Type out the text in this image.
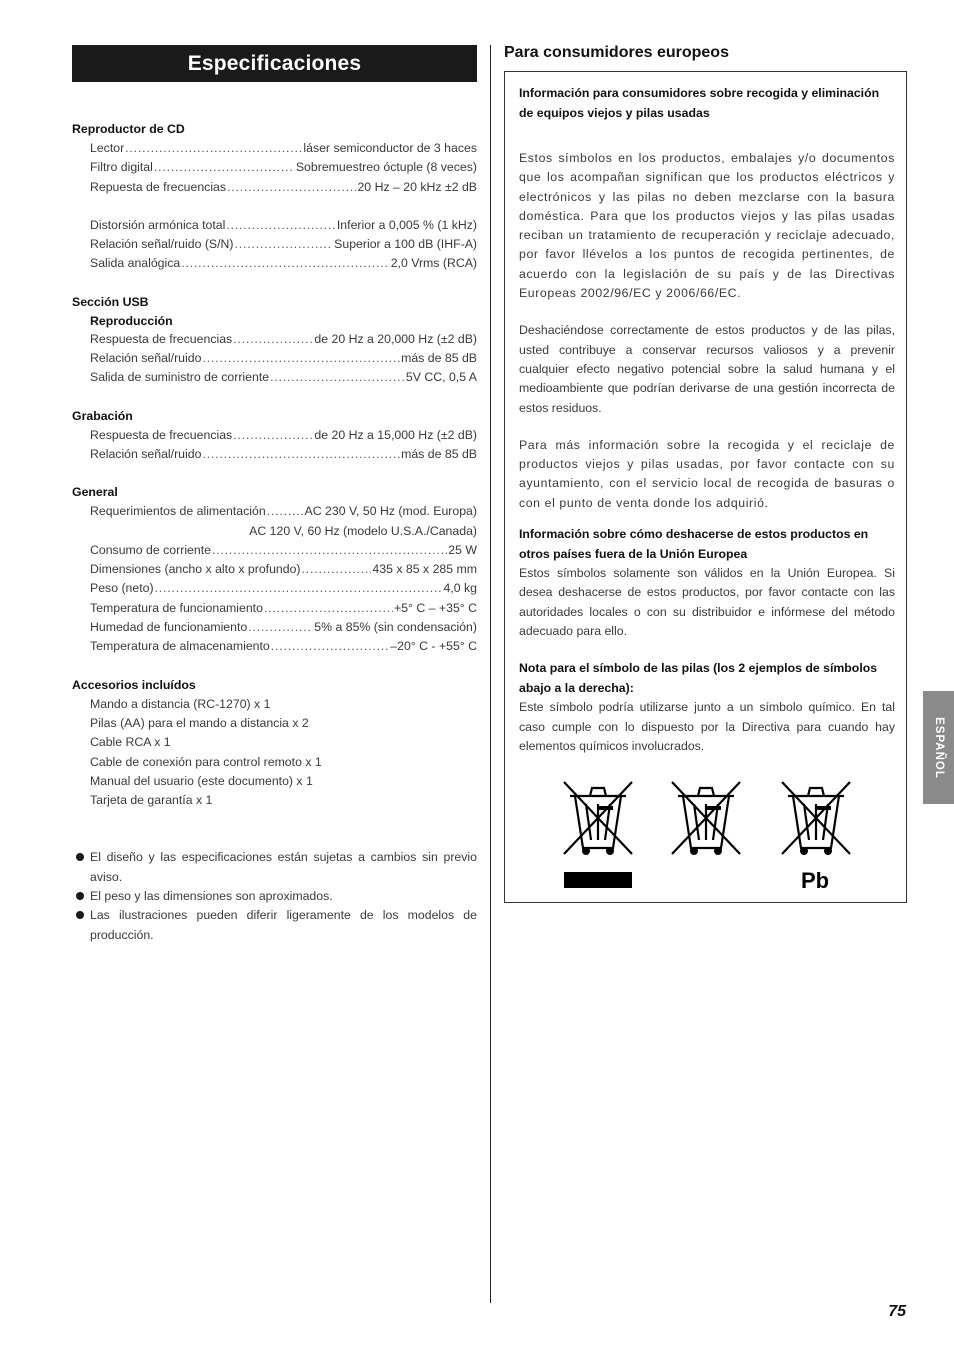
Especificaciones
Reproductor de CD
Lector . . .	láser semiconductor de 3 haces
Filtro digital . . .	Sobremuestreo óctuple (8 veces)
Repuesta de frecuencias . . .	20 Hz – 20 kHz ±2 dB
Distorsión armónica total . . .	Inferior a 0,005 % (1 kHz)
Relación señal/ruido (S/N) . . .	Superior a 100 dB (IHF-A)
Salida analógica . . .	2,0 Vrms (RCA)
Sección USB
Reproducción
Respuesta de frecuencias . . .	de 20 Hz a 20,000 Hz (±2 dB)
Relación señal/ruido . . .	más de 85 dB
Salida de suministro de corriente . . .	5V CC, 0,5 A
Grabación
Respuesta de frecuencias . . .	de 20 Hz a 15,000 Hz (±2 dB)
Relación señal/ruido . . .	más de 85 dB
General
Requerimientos de alimentación . . .	AC 230 V, 50 Hz (mod. Europa)
AC 120 V, 60 Hz (modelo U.S.A./Canada)
Consumo de corriente . . .	25 W
Dimensiones (ancho x alto x profundo) . . .	435 x 85 x 285 mm
Peso (neto) . . .	4,0 kg
Temperatura de funcionamiento . . .	+5° C – +35° C
Humedad de funcionamiento . . .	5% a 85% (sin condensación)
Temperatura de almacenamiento . . .	–20° C - +55° C
Accesorios incluídos
Mando a distancia (RC-1270) x 1
Pilas (AA) para el mando a distancia x 2
Cable RCA x 1
Cable de conexión para control remoto x 1
Manual del usuario (este documento) x 1
Tarjeta de garantía x 1
El diseño y las especificaciones están sujetas a cambios sin previo aviso.
El peso y las dimensiones son aproximados.
Las ilustraciones pueden diferir ligeramente de los modelos de producción.
Para consumidores europeos
Información para consumidores sobre recogida y eliminación de equipos viejos y pilas usadas
Estos símbolos en los productos, embalajes y/o documentos que los acompañan significan que los productos eléctricos y electrónicos y las pilas no deben mezclarse con la basura doméstica. Para que los productos viejos y las pilas usadas reciban un tratamiento de recuperación y reciclaje adecuado, por favor llévelos a los puntos de recogida pertinentes, de acuerdo con la legislación de su país y de las Directivas Europeas 2002/96/EC y 2006/66/EC.
Deshaciéndose correctamente de estos productos y de las pilas, usted contribuye a conservar recursos valiosos y a prevenir cualquier efecto negativo potencial sobre la salud humana y el medioambiente que podrían derivarse de una gestión incorrecta de estos residuos.
Para más información sobre la recogida y el reciclaje de productos viejos y pilas usadas, por favor contacte con su ayuntamiento, con el servicio local de recogida de basuras o con el punto de venta donde los adquirió.
Información sobre cómo deshacerse de estos productos en otros países fuera de la Unión Europea
Estos símbolos solamente son válidos en la Unión Europea. Si desea deshacerse de estos productos, por favor contacte con las autoridades locales o con su distribuidor e infórmese del método adecuado para ello.
Nota para el símbolo de las pilas (los 2 ejemplos de símbolos abajo a la derecha):
Este símbolo podría utilizarse junto a un símbolo químico. En tal caso cumple con lo dispuesto por la Directiva para cuando hay elementos químicos involucrados.
Pb
ESPAÑOL
75
